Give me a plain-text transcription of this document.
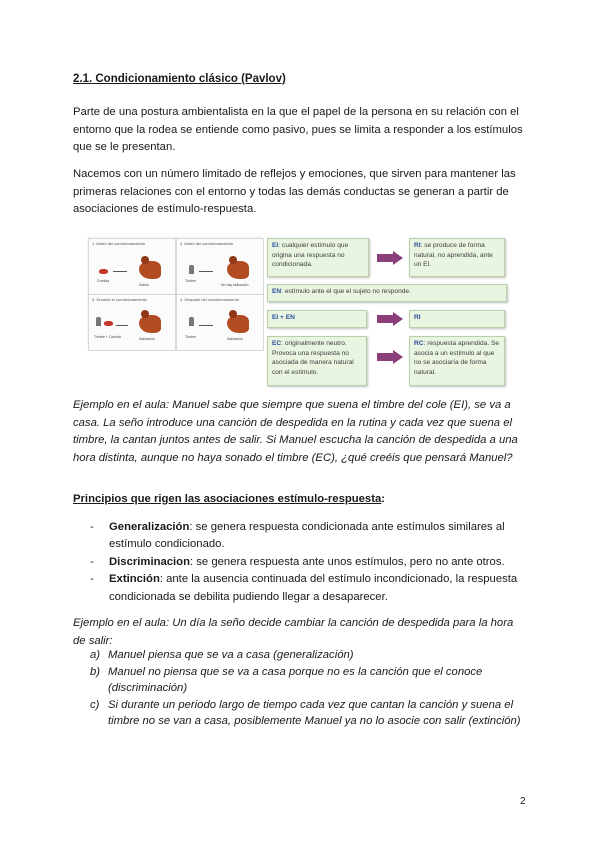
2.1. Condicionamiento clásico (Pavlov)
Parte de una postura ambientalista en la que el papel de la persona en su relación con el entorno que la rodea se entiende como pasivo, pues se limita a responder a los estímulos que se le presentan.
Nacemos con un número limitado de reflejos y emociones, que sirven para mantener las primeras relaciones con el entorno y todas las demás conductas se generan a partir de asociaciones de estímulo-respuesta.
1. Antes del condicionamiento
Comida
Saliva
2. Antes del condicionamiento
Timbre
No hay salivación
3. Durante el condicionamiento
Timbre + Comida	Salivación
4. Después del condicionamiento
Timbre	Salivación
EI: cualquier estímulo que origina una respuesta no condicionada.
RI: se produce de forma natural, no aprendida, ante un EI.
EN: estímulo ante el que el sujeto no responde.
EI + EN	RI
EC: originalmente neutro. Provoca una respuesta no asociada de manera natural con el estímulo.
RC: respuesta aprendida. Se asocia a un estímulo al que no se asociaría de forma natural.
Ejemplo en el aula: Manuel sabe que siempre que suena el timbre del cole (EI), se va a casa. La seño introduce una canción de despedida en la rutina y cada vez que suena el timbre, la cantan juntos antes de salir. Si Manuel escucha la canción de despedida a una hora distinta, aunque no haya sonado el timbre (EC), ¿qué creéis que pensará Manuel?
Principios que rigen las asociaciones estímulo-respuesta:
- Generalización: se genera respuesta condicionada ante estímulos similares al estímulo condicionado.
- Discriminacion: se genera respuesta ante unos estímulos, pero no ante otros.
- Extinción: ante la ausencia continuada del estímulo incondicionado, la respuesta condicionada se debilita pudiendo llegar a desaparecer.
Ejemplo en el aula: Un día la seño decide cambiar la canción de despedida para la hora de salir:
a) Manuel piensa que se va a casa (generalización)
b) Manuel no piensa que se va a casa porque no es la canción que el conoce (discriminación)
c) Si durante un periodo largo de tiempo cada vez que cantan la canción y suena el timbre no se van a casa, posiblemente Manuel ya no lo asocie con salir (extinción)
2
